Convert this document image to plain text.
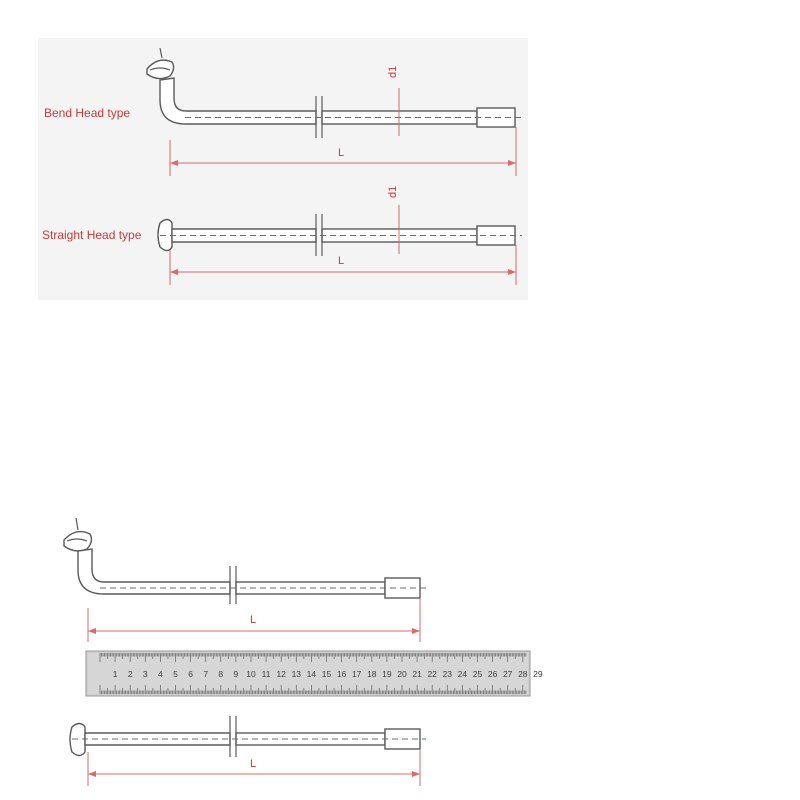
Bend Head type
d1
L
Straight Head type
d1
L
L
1 2 3 4 5 6 7 8 9 10 11 12 13 14 15 16 17 18 19 20 21 22 23 24 25 26 27 28 29
L
